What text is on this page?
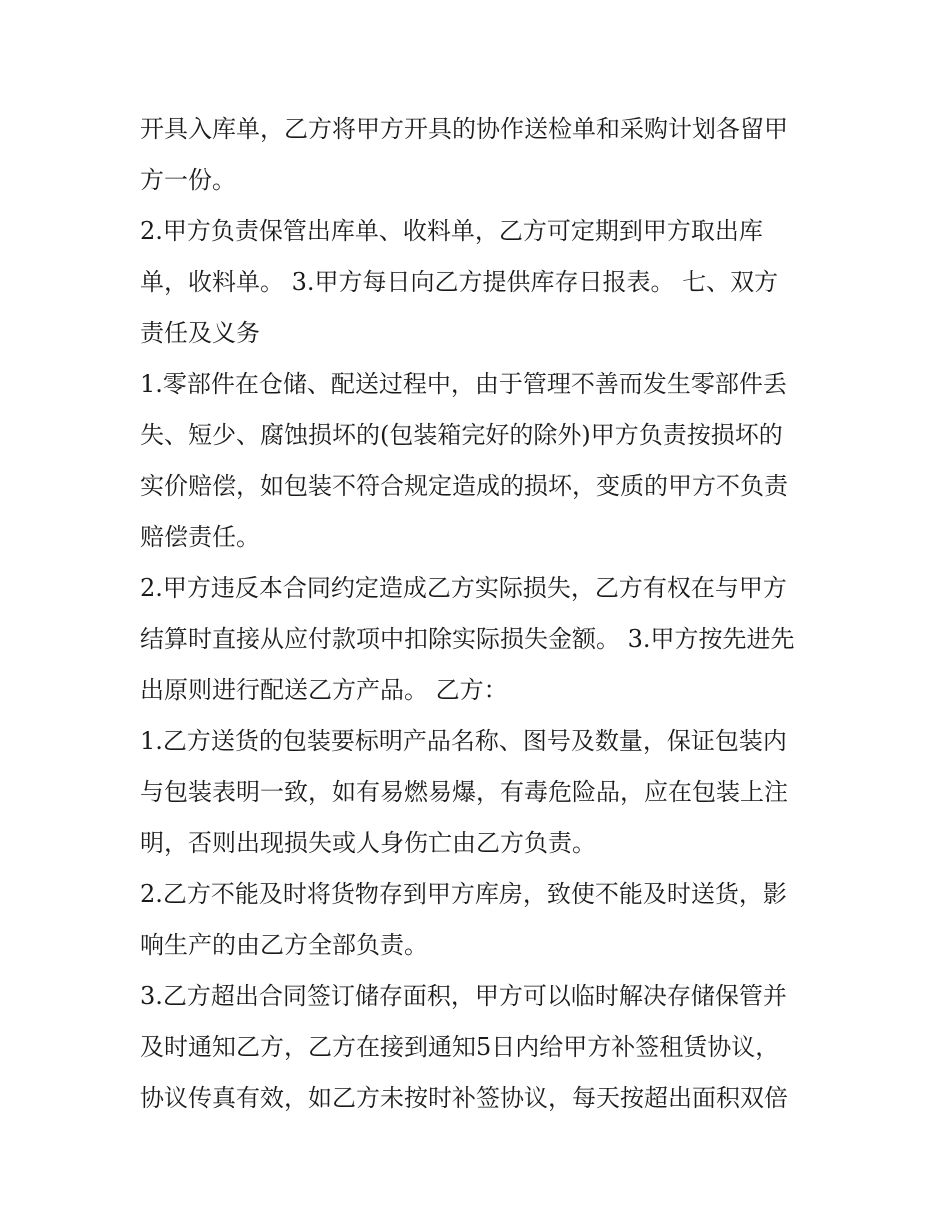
开具入库单，乙方将甲方开具的协作送检单和采购计划各留甲
方一份。
2.甲方负责保管出库单、收料单，乙方可定期到甲方取出库
单，收料单。 3.甲方每日向乙方提供库存日报表。 七、双方
责任及义务
1.零部件在仓储、配送过程中，由于管理不善而发生零部件丢
失、短少、腐蚀损坏的(包装箱完好的除外)甲方负责按损坏的
实价赔偿，如包装不符合规定造成的损坏，变质的甲方不负责
赔偿责任。
2.甲方违反本合同约定造成乙方实际损失，乙方有权在与甲方
结算时直接从应付款项中扣除实际损失金额。 3.甲方按先进先
出原则进行配送乙方产品。 乙方：
1.乙方送货的包装要标明产品名称、图号及数量，保证包装内
与包装表明一致，如有易燃易爆，有毒危险品，应在包装上注
明，否则出现损失或人身伤亡由乙方负责。
2.乙方不能及时将货物存到甲方库房，致使不能及时送货，影
响生产的由乙方全部负责。
3.乙方超出合同签订储存面积，甲方可以临时解决存储保管并
及时通知乙方，乙方在接到通知5日内给甲方补签租赁协议，
协议传真有效，如乙方未按时补签协议，每天按超出面积双倍
